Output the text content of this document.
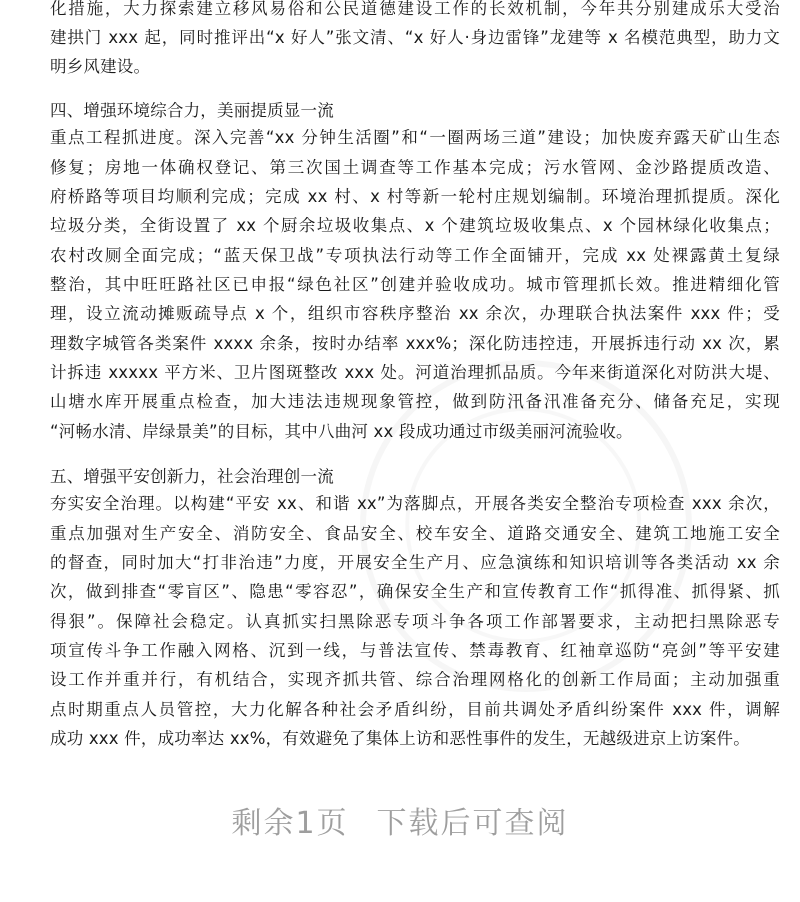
化措施，大力探索建立移风易俗和公民道德建设工作的长效机制，今年共分别建成乐大受治
建拱门 xxx 起，同时推评出“x 好人”张文清、“x 好人·身边雷锋”龙建等 x 名模范典型，助力文
明乡风建设。
四、增强环境综合力，美丽提质显一流
重点工程抓进度。深入完善“xx 分钟生活圈”和“一圈两场三道”建设；加快废弃露天矿山生态
修复；房地一体确权登记、第三次国土调查等工作基本完成；污水管网、金沙路提质改造、
府桥路等项目均顺利完成；完成 xx 村、x 村等新一轮村庄规划编制。环境治理抓提质。深化
垃圾分类，全街设置了 xx 个厨余垃圾收集点、x 个建筑垃圾收集点、x 个园林绿化收集点；
农村改厕全面完成；“蓝天保卫战”专项执法行动等工作全面铺开，完成 xx 处裸露黄土复绿
整治，其中旺旺路社区已申报“绿色社区”创建并验收成功。城市管理抓长效。推进精细化管
理，设立流动摊贩疏导点 x 个，组织市容秩序整治 xx 余次，办理联合执法案件 xxx 件；受
理数字城管各类案件 xxxx 余条，按时办结率 xxx%；深化防违控违，开展拆违行动 xx 次，累
计拆违 xxxxx 平方米、卫片图斑整改 xxx 处。河道治理抓品质。今年来街道深化对防洪大堤、
山塘水库开展重点检查，加大违法违规现象管控，做到防汛备汛准备充分、储备充足，实现
“河畅水清、岸绿景美”的目标，其中八曲河 xx 段成功通过市级美丽河流验收。
五、增强平安创新力，社会治理创一流
夯实安全治理。以构建“平安 xx、和谐 xx”为落脚点，开展各类安全整治专项检查 xxx 余次，
重点加强对生产安全、消防安全、食品安全、校车安全、道路交通安全、建筑工地施工安全
的督查，同时加大“打非治违”力度，开展安全生产月、应急演练和知识培训等各类活动 xx 余
次，做到排查“零盲区”、隐患“零容忍”，确保安全生产和宣传教育工作“抓得准、抓得紧、抓
得狠”。保障社会稳定。认真抓实扫黑除恶专项斗争各项工作部署要求，主动把扫黑除恶专
项宣传斗争工作融入网格、沉到一线，与普法宣传、禁毒教育、红袖章巡防“亮剑”等平安建
设工作并重并行，有机结合，实现齐抓共管、综合治理网格化的创新工作局面；主动加强重
点时期重点人员管控，大力化解各种社会矛盾纠纷，目前共调处矛盾纠纷案件 xxx 件，调解
成功 xxx 件，成功率达 xx%，有效避免了集体上访和恶性事件的发生，无越级进京上访案件。
剩余1页 下载后可查阅
